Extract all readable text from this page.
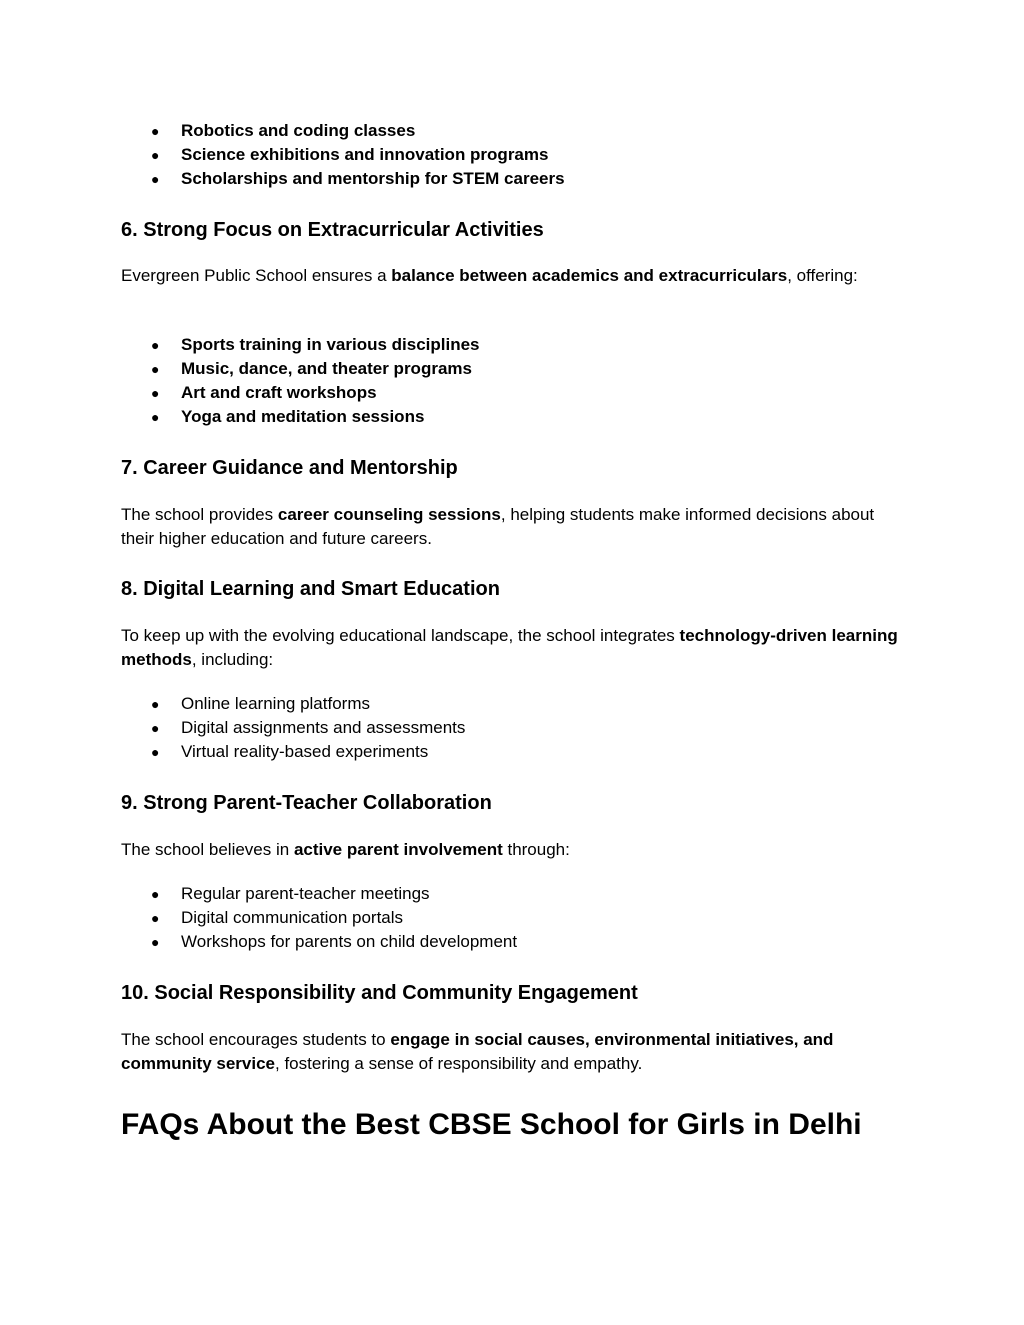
● Robotics and coding classes
● Science exhibitions and innovation programs
● Scholarships and mentorship for STEM careers
6. Strong Focus on Extracurricular Activities

Evergreen Public School ensures a balance between academics and extracurriculars, offering:

● Sports training in various disciplines
● Music, dance, and theater programs
● Art and craft workshops
● Yoga and meditation sessions
7. Career Guidance and Mentorship

The school provides career counseling sessions, helping students make informed decisions about their higher education and future careers.

8. Digital Learning and Smart Education

To keep up with the evolving educational landscape, the school integrates technology-driven learning methods, including:

● Online learning platforms
● Digital assignments and assessments
● Virtual reality-based experiments
9. Strong Parent-Teacher Collaboration

The school believes in active parent involvement through:

● Regular parent-teacher meetings
● Digital communication portals
● Workshops for parents on child development
10. Social Responsibility and Community Engagement

The school encourages students to engage in social causes, environmental initiatives, and community service, fostering a sense of responsibility and empathy.

FAQs About the Best CBSE School for Girls in Delhi
